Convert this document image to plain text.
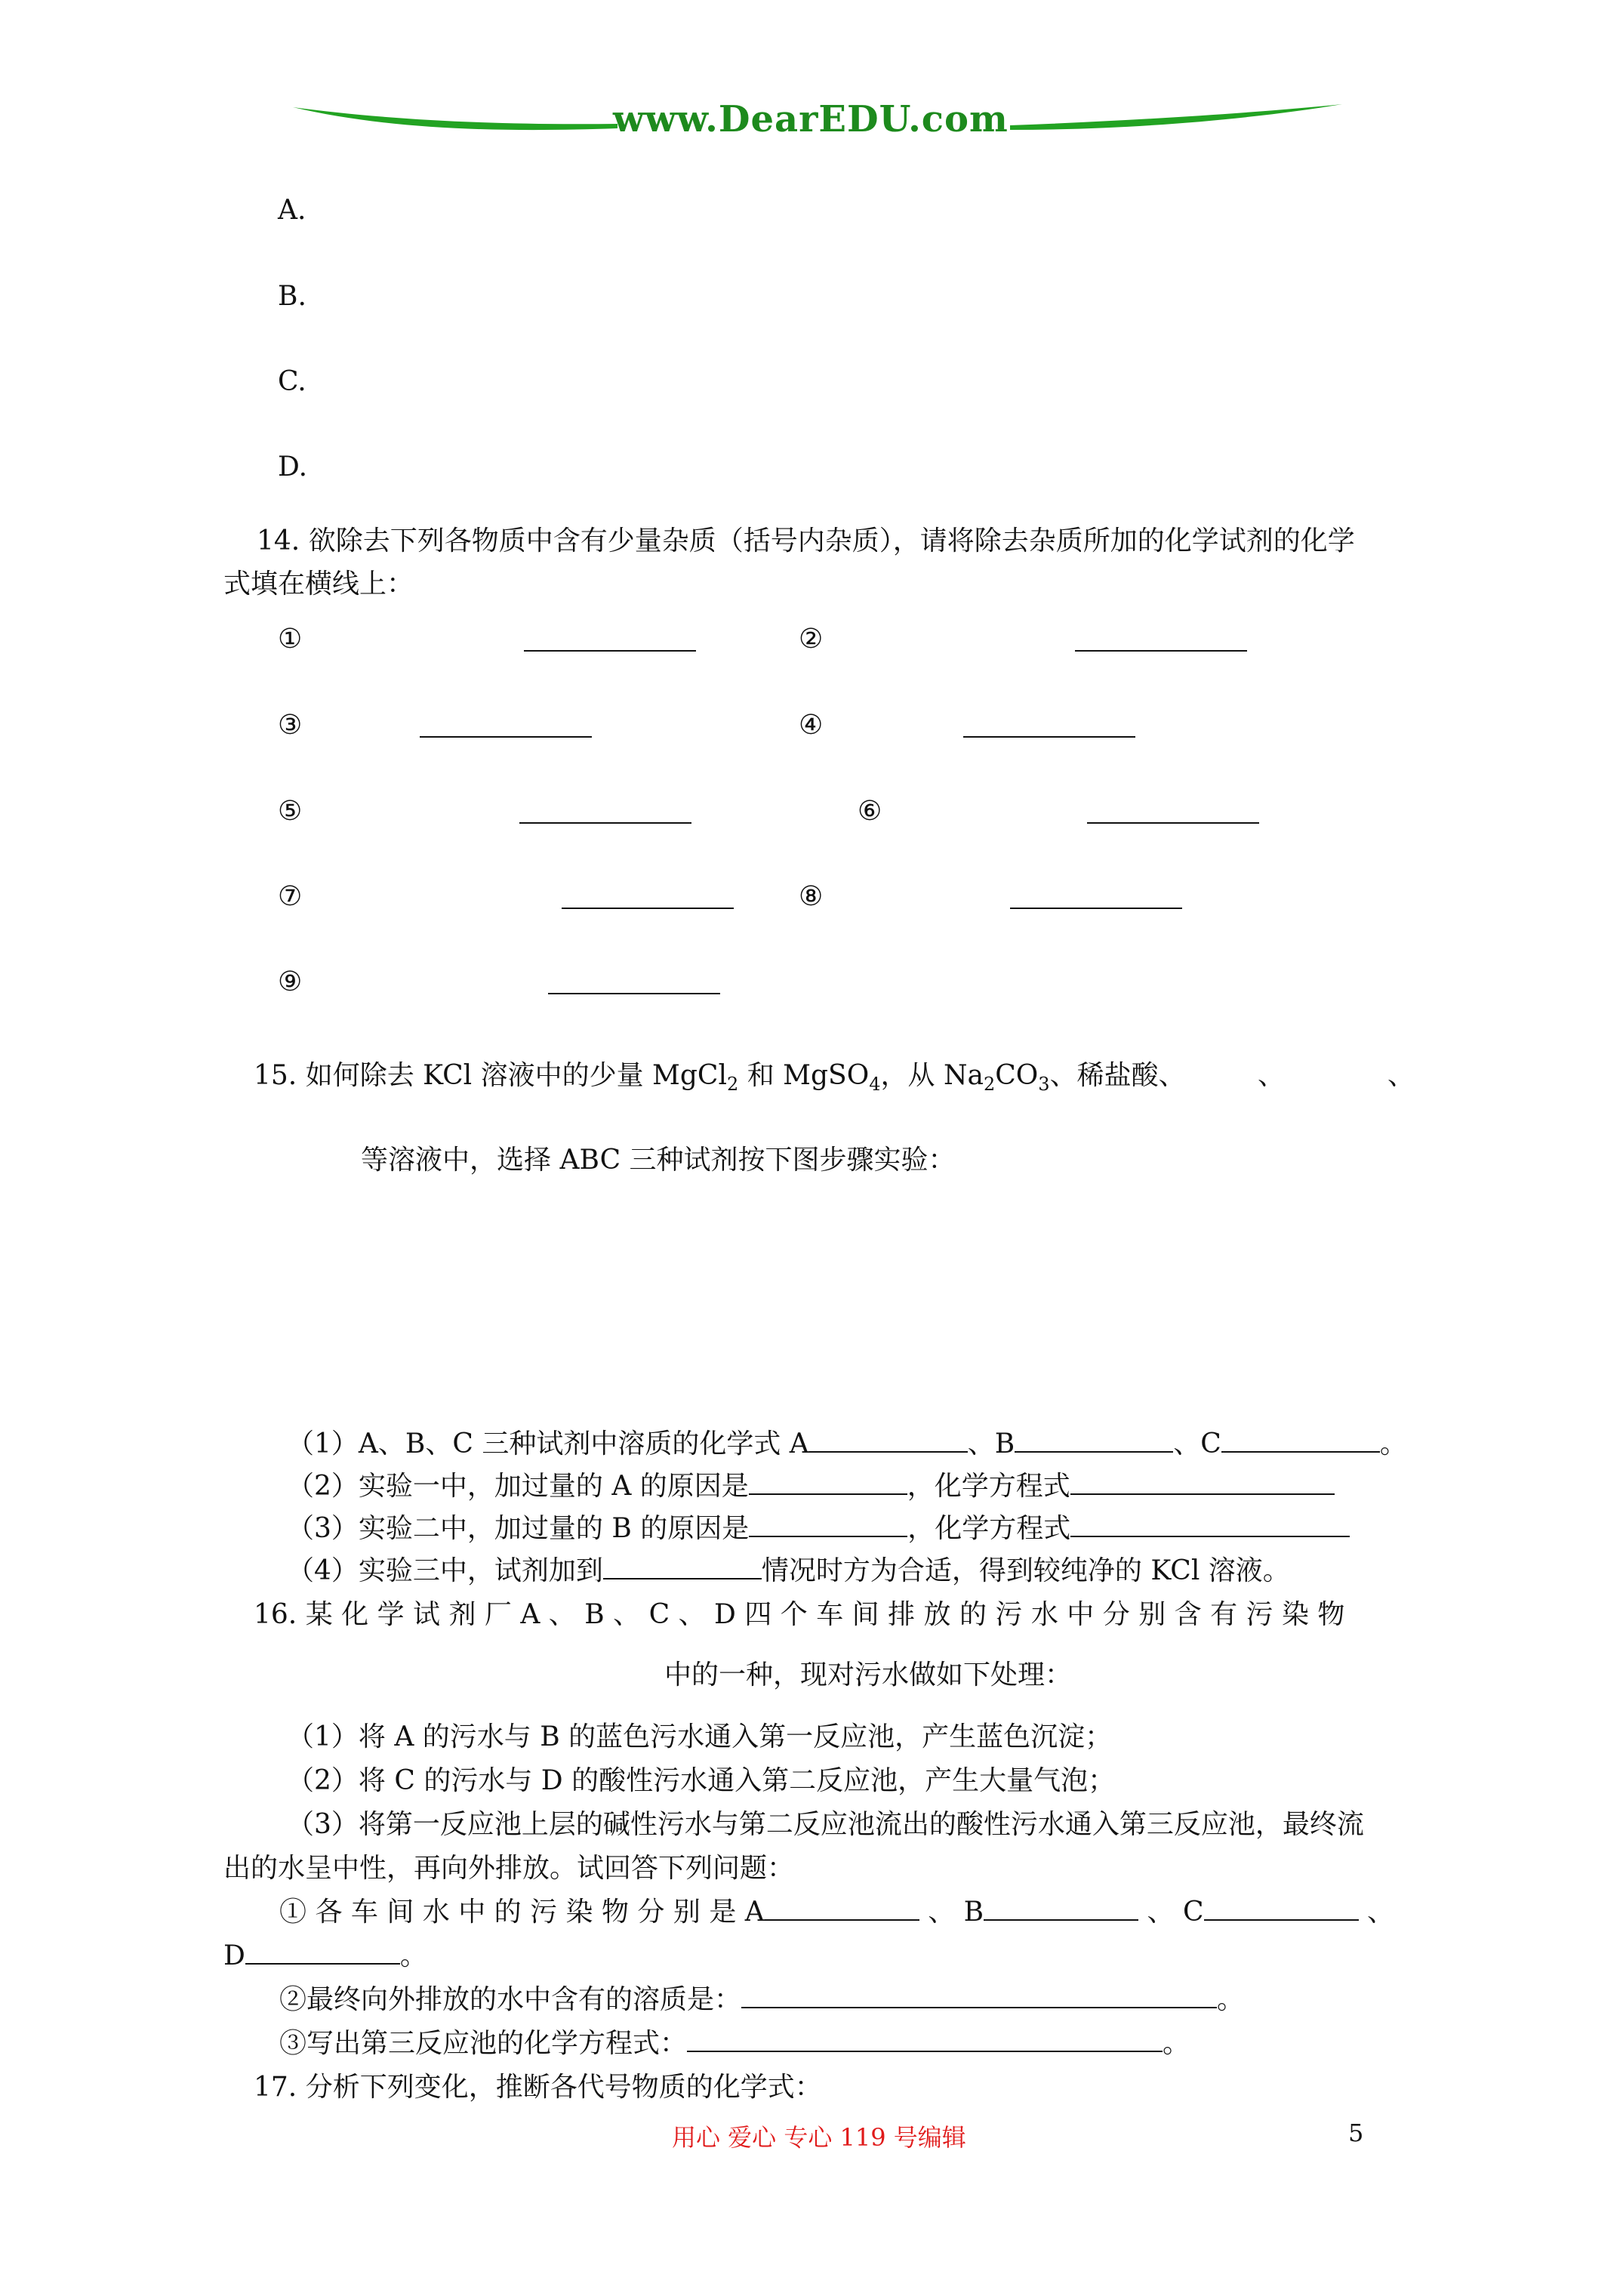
www.DearEDU.com
A.
B.
C.
D.
14. 欲除去下列各物质中含有少量杂质（括号内杂质），请将除去杂质所加的化学试剂的化学
式填在横线上：
①	②
③	④
⑤	⑥
⑦	⑧
⑨
15. 如何除去 KCl 溶液中的少量 MgCl$_2$ 和 MgSO$_4$，从 $Na_2CO_3$、稀盐酸、	、	、
等溶液中，选择 ABC 三种试剂按下图步骤实验：
（1）A、B、C 三种试剂中溶质的化学式 A	、B	、C	。
（2）实验一中，加过量的 A 的原因是	，化学方程式
（3）实验二中，加过量的 B 的原因是	，化学方程式
（4）实验三中，试剂加到	情况时方为合适，得到较纯净的 KCl 溶液。
16. 某 化 学 试 剂 厂 A 、 B 、 C 、 D 四 个 车 间 排 放 的 污 水 中 分 别 含 有 污 染 物
中的一种，现对污水做如下处理：
（1）将 A 的污水与 B 的蓝色污水通入第一反应池，产生蓝色沉淀；
（2）将 C 的污水与 D 的酸性污水通入第二反应池，产生大量气泡；
（3）将第一反应池上层的碱性污水与第二反应池流出的酸性污水通入第三反应池，最终流
出的水呈中性，再向外排放。试回答下列问题：
① 各 车 间 水 中 的 污 染 物 分 别 是 A	、 B	、 C	、
D	。
②最终向外排放的水中含有的溶质是：	。
③写出第三反应池的化学方程式：	。
17. 分析下列变化，推断各代号物质的化学式：
用心 爱心 专心 119 号编辑	5
